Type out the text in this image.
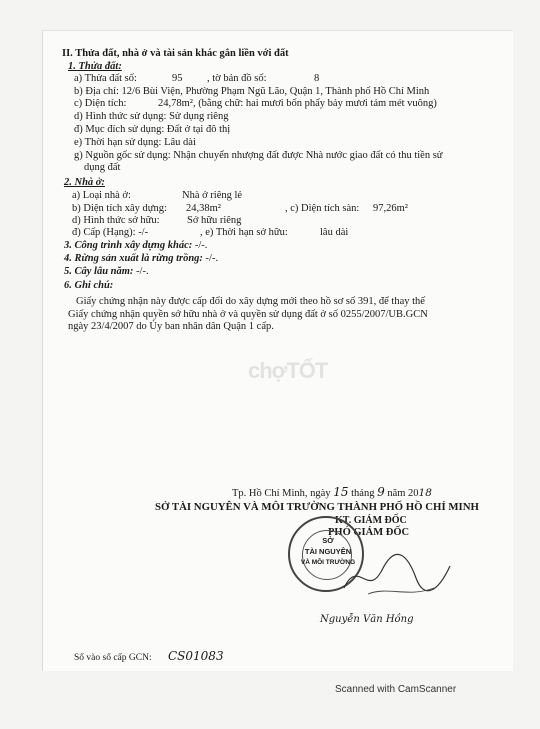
II. Thửa đất, nhà ở và tài sản khác gắn liền với đất
1. Thửa đất:
a) Thửa đất số:	95 , tờ bản đồ số:	8
b) Địa chỉ: 12/6 Bùi Viện, Phường Phạm Ngũ Lão, Quận 1, Thành phố Hồ Chí Minh
c) Diện tích:	24,78m², (bằng chữ: hai mươi bốn phẩy bảy mươi tám mét vuông)
d) Hình thức sử dụng: Sử dụng riêng
đ) Mục đích sử dụng: Đất ở tại đô thị
e) Thời hạn sử dụng: Lâu dài
g) Nguồn gốc sử dụng: Nhận chuyển nhượng đất được Nhà nước giao đất có thu tiền sử
dụng đất
2. Nhà ở:
a) Loại nhà ở:	Nhà ở riêng lẻ
b) Diện tích xây dựng: 24,38m²	, c) Diện tích sàn: 97,26m²
d) Hình thức sở hữu:	Sở hữu riêng
đ) Cấp (Hạng): -/-	, e) Thời hạn sở hữu:	lâu dài
3. Công trình xây dựng khác: -/-.
4. Rừng sản xuất là rừng trồng: -/-.
5. Cây lâu năm: -/-.
6. Ghi chú:
Giấy chứng nhận này được cấp đổi do xây dựng mới theo hồ sơ số 391, để thay thế
Giấy chứng nhận quyền sở hữu nhà ở và quyền sử dụng đất ở số 0255/2007/UB.GCN
ngày 23/4/2007 do Ủy ban nhân dân Quận 1 cấp.
chợTỐT
Tp. Hồ Chí Minh, ngày 15 tháng 9 năm 2018
SỞ TÀI NGUYÊN VÀ MÔI TRƯỜNG THÀNH PHỐ HỒ CHÍ MINH
KT. GIÁM ĐỐC
PHÓ GIÁM ĐỐC
SỞ
TÀI NGUYÊN
VÀ MÔI TRƯỜNG
Nguyễn Văn Hồng
Số vào sổ cấp GCN: CS01083
Scanned with CamScanner
